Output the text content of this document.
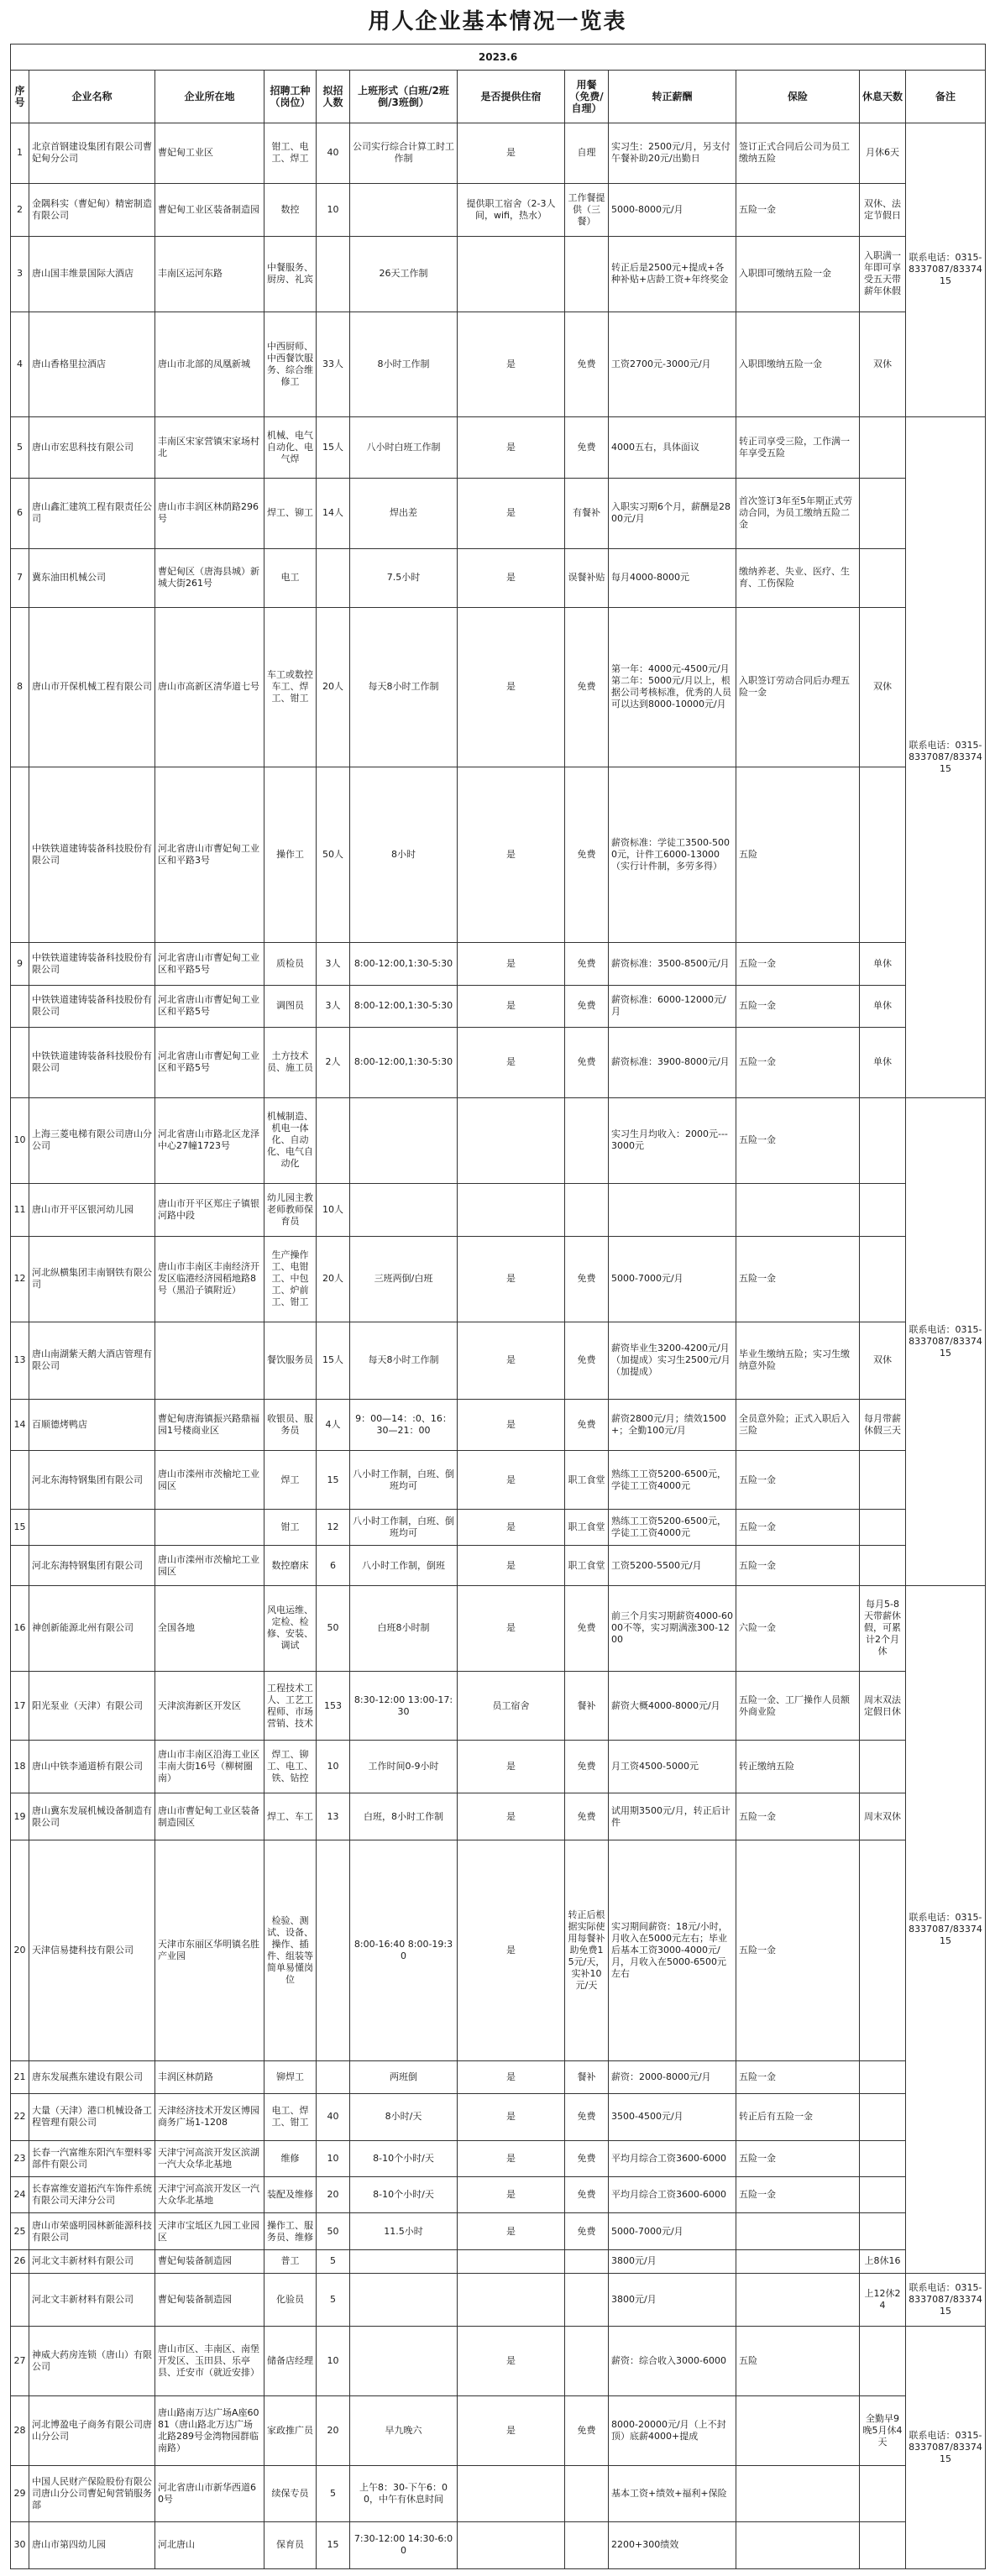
用人企业基本情况一览表
2023.6											
序号	企业名称	企业所在地	招聘工种（岗位）	拟招人数	上班形式（白班/2班倒/3班倒）	是否提供住宿	用餐（免费/自理）	转正薪酬	保险	休息天数	备注
1	北京首钢建设集团有限公司曹妃甸分公司	曹妃甸工业区	钳工、电工、焊工	40	公司实行综合计算工时工作制	是	自理	实习生：2500元/月，另支付午餐补助20元/出勤日	签订正式合同后公司为员工缴纳五险	月休6天	联系电话：0315-8337087/8337415
2	金隅科实（曹妃甸）精密制造有限公司	曹妃甸工业区装备制造园	数控	10		提供职工宿舍（2-3人间，wifi，热水）	工作餐提供（三餐）	5000-8000元/月	五险一金	双休、法定节假日	
3	唐山国丰维景国际大酒店	丰南区运河东路	中餐服务、厨房、礼宾		26天工作制			转正后是2500元+提成+各种补贴+店龄工资+年终奖金	入职即可缴纳五险一金	入职满一年即可享受五天带薪年休假	
4	唐山香格里拉酒店	唐山市北部的凤凰新城	中西厨师、中西餐饮服务、综合维修工	33人	8小时工作制	是	免费	工资2700元-3000元/月	入职即缴纳五险一金	双休	
5	唐山市宏思科技有限公司	丰南区宋家营镇宋家场村北	机械、电气自动化、电气焊	15人	八小时白班工作制	是	免费	4000五右，具体面议	转正司享受三险，工作满一年享受五险		联系电话：0315-8337087/8337415
6	唐山鑫汇建筑工程有限责任公司	唐山市丰润区林荫路296号	焊工、铆工	14人	焊出差	是	有餐补	入职实习期6个月，薪酬是2800元/月	首次签订3年至5年期正式劳动合同，为员工缴纳五险二金		
7	冀东油田机械公司	曹妃甸区（唐海县城）新城大街261号	电工		7.5小时	是	误餐补贴	每月4000-8000元	缴纳养老、失业、医疗、生育、工伤保险		
8	唐山市开保机械工程有限公司	唐山市高新区清华道七号	车工或数控车工、焊工、钳工	20人	每天8小时工作制	是	免费	第一年：4000元-4500元/月 第二年：5000元/月以上，根据公司考核标准，优秀的人员可以达到8000-10000元/月	入职签订劳动合同后办理五险一金	双休	
	中铁铁道建铸装备科技股份有限公司	河北省唐山市曹妃甸工业区和平路3号	操作工	50人	8小时	是	免费	薪资标准：学徒工3500-5000元，计件工6000-13000（实行计件制，多劳多得）	五险		
9	中铁铁道建铸装备科技股份有限公司	河北省唐山市曹妃甸工业区和平路5号	质检员	3人	8:00-12:00,1:30-5:30	是	免费	薪资标准：3500-8500元/月	五险一金	单休	
	中铁铁道建铸装备科技股份有限公司	河北省唐山市曹妃甸工业区和平路5号	调图员	3人	8:00-12:00,1:30-5:30	是	免费	薪资标准：6000-12000元/月	五险一金	单休	
	中铁铁道建铸装备科技股份有限公司	河北省唐山市曹妃甸工业区和平路5号	土方技术员、施工员	2人	8:00-12:00,1:30-5:30	是	免费	薪资标准：3900-8000元/月	五险一金	单休	
10	上海三菱电梯有限公司唐山分公司	河北省唐山市路北区龙泽中心27幢1723号	机械制造、机电一体化、自动化、电气自动化					实习生月均收入：2000元---3000元	五险一金		联系电话：0315-8337087/8337415
11	唐山市开平区银河幼儿园	唐山市开平区郑庄子镇银河路中段	幼儿园主教老师教师保育员	10人							
12	河北纵横集团丰南钢铁有限公司	唐山市丰南区丰南经济开发区临港经济园稻地路8号（黑沿子镇附近）	生产操作工、电钳工、中包工、炉前工、钳工	20人	三班两倒/白班	是	免费	5000-7000元/月	五险一金		
13	唐山南湖紫天鹅大酒店管理有限公司		餐饮服务员	15人	每天8小时工作制	是	免费	薪资毕业生3200-4200元/月（加提成）实习生2500元/月（加提成）	毕业生缴纳五险；实习生缴纳意外险	双休	
14	百顺德烤鸭店	曹妃甸唐海镇振兴路鼎福园1号楼商业区	收银员、服务员	4人	9：00—14：:0、16：30—21：00	是	免费	薪资2800元/月；绩效1500+；全勤100元/月	全员意外险；正式入职后入三险	每月带薪休假三天	
	河北东海特钢集团有限公司	唐山市滦州市茨榆坨工业园区	焊工	15	八小时工作制，白班、倒班均可	是	职工食堂	熟练工工资5200-6500元，学徒工工资4000元	五险一金		
15			钳工	12	八小时工作制，白班、倒班均可	是	职工食堂	熟练工工资5200-6500元，学徒工工资4000元	五险一金		
	河北东海特钢集团有限公司	唐山市滦州市茨榆坨工业园区	数控磨床	6	八小时工作制，倒班	是	职工食堂	工资5200-5500元/月	五险一金		
16	神创新能源北州有限公司	全国各地	风电运维、定检、检修、安装、调试	50	白班8小时制	是	免费	前三个月实习期薪资4000-6000不等，实习期满涨300-1200	六险一金	每月5-8天带薪休假，可累计2个月休	联系电话：0315-8337087/8337415
17	阳光泵业（天津）有限公司	天津滨海新区开发区	工程技术工人、工艺工程师、市场营销、技术	153	8:30-12:00 13:00-17:30	员工宿舍	餐补	薪资大概4000-8000元/月	五险一金、工厂操作人员额外商业险	周末双法定假日休	
18	唐山中铁李通道桥有限公司	唐山市丰南区沿海工业区丰南大街16号（柳树圈南）	焊工、铆工、电工、铁、钻控	10	工作时间0-9小时	是	免费	月工资4500-5000元	转正缴纳五险		
19	唐山冀东发展机械设备制造有限公司	唐山市曹妃甸工业区装备制造园区	焊工、车工	13	白班，8小时工作制	是	免费	试用期3500元/月，转正后计件	五险一金	周末双休	
20	天津信易捷科技有限公司	天津市东丽区华明镇名胜产业园	检验、测试、设备、操作、插件、组装等简单易懂岗位		8:00-16:40 8:00-19:30	是	转正后根据实际使用每餐补助免费15元/天，实补10元/天	实习期间薪资：18元/小时，月收入在5000元左右；毕业后基本工资3000-4000元/月，月收入在5000-6500元左右	五险一金		
21	唐东发展燕东建设有限公司	丰润区林荫路	铆焊工		两班倒	是	餐补	薪资：2000-8000元/月	五险一金		
22	大量（天津）港口机械设备工程管理有限公司	天津经济技术开发区博园商务广场1-1208	电工、焊工、钳工	40	8小时/天	是	免费	3500-4500元/月	转正后有五险一金		
23	长春一汽富维东阳汽车塑料零部件有限公司	天津宁河高滨开发区滨湖一汽大众华北基地	维修	10	8-10个小时/天	是	免费	平均月综合工资3600-6000	五险一金		
24	长春富维安道拓汽车饰件系统有限公司天津分公司	天津宁河高滨开发区一汽大众华北基地	装配及维修	20	8-10个小时/天	是	免费	平均月综合工资3600-6000	五险一金		
25	唐山市荣盛明园林新能源科技有限公司	天津市宝坻区九园工业园区	操作工、服务员、维修	50	11.5小时	是	免费	5000-7000元/月			
26	河北文丰新材料有限公司	曹妃甸装备制造园	普工	5				3800元/月		上8休16	
	河北文丰新材料有限公司	曹妃甸装备制造园	化验员	5				3800元/月		上12休24	联系电话：0315-8337087/8337415
27	神威大药房连锁（唐山）有限公司	唐山市区、丰南区、南堡开发区、玉田县、乐亭县、迁安市（就近安排）	储备店经理	10		是		薪资：综合收入3000-6000	五险		联系电话：0315-8337087/8337415
28	河北博盈电子商务有限公司唐山分公司	唐山路南万达广场A座6081（唐山路北万达广场北路289号金湾物园群临南路）	家政推广员	20	早九晚六	是	免费	8000-20000元/月（上不封顶）底薪4000+提成		全勤早9晚5月休4天	
29	中国人民财产保险股份有限公司唐山分公司曹妃甸营销服务部	河北省唐山市新华西道60号	续保专员	5	上午8：30-下午6：00，中午有休息时间			基本工资+绩效+福利+保险			
30	唐山市第四幼儿园	河北唐山	保育员	15	7:30-12:00 14:30-6:00			2200+300绩效			
